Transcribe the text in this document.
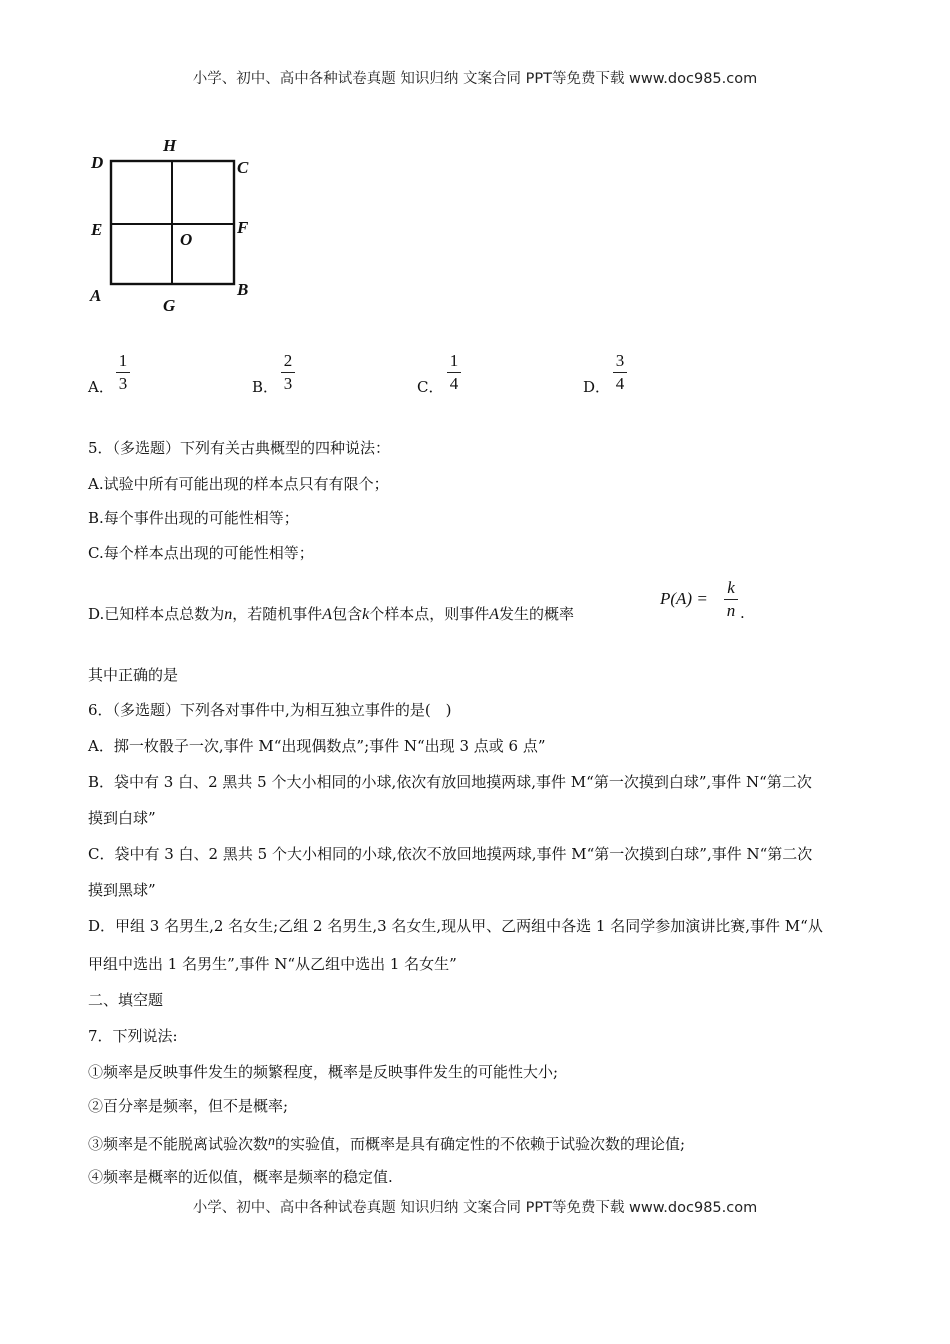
小学、初中、高中各种试卷真题 知识归纳 文案合同 PPT等免费下载 www.doc985.com
D
H
C
E
O
F
A
G
B
A．
1
3	B．
2
3	C．
1
4	D．
3
4
5．（多选题）下列有关古典概型的四种说法：
A.试验中所有可能出现的样本点只有有限个；
B.每个事件出现的可能性相等；
C.每个样本点出现的可能性相等；
D.已知样本点总数为n，若随机事件A包含k个样本点，则事件A发生的概率
P(A) =
k
n .
其中正确的是
6．（多选题）下列各对事件中,为相互独立事件的是(　)
A．掷一枚骰子一次,事件 M“出现偶数点”;事件 N“出现 3 点或 6 点”
B．袋中有 3 白、2 黑共 5 个大小相同的小球,依次有放回地摸两球,事件 M“第一次摸到白球”,事件 N“第二次
摸到白球”
C．袋中有 3 白、2 黑共 5 个大小相同的小球,依次不放回地摸两球,事件 M“第一次摸到白球”,事件 N“第二次
摸到黑球”
D．甲组 3 名男生,2 名女生;乙组 2 名男生,3 名女生,现从甲、乙两组中各选 1 名同学参加演讲比赛,事件 M“从
甲组中选出 1 名男生”,事件 N“从乙组中选出 1 名女生”
二、填空题
7．下列说法:
①频率是反映事件发生的频繁程度，概率是反映事件发生的可能性大小;
②百分率是频率，但不是概率;
③频率是不能脱离试验次数n的实验值，而概率是具有确定性的不依赖于试验次数的理论值;
④频率是概率的近似值，概率是频率的稳定值.
小学、初中、高中各种试卷真题 知识归纳 文案合同 PPT等免费下载 www.doc985.com
